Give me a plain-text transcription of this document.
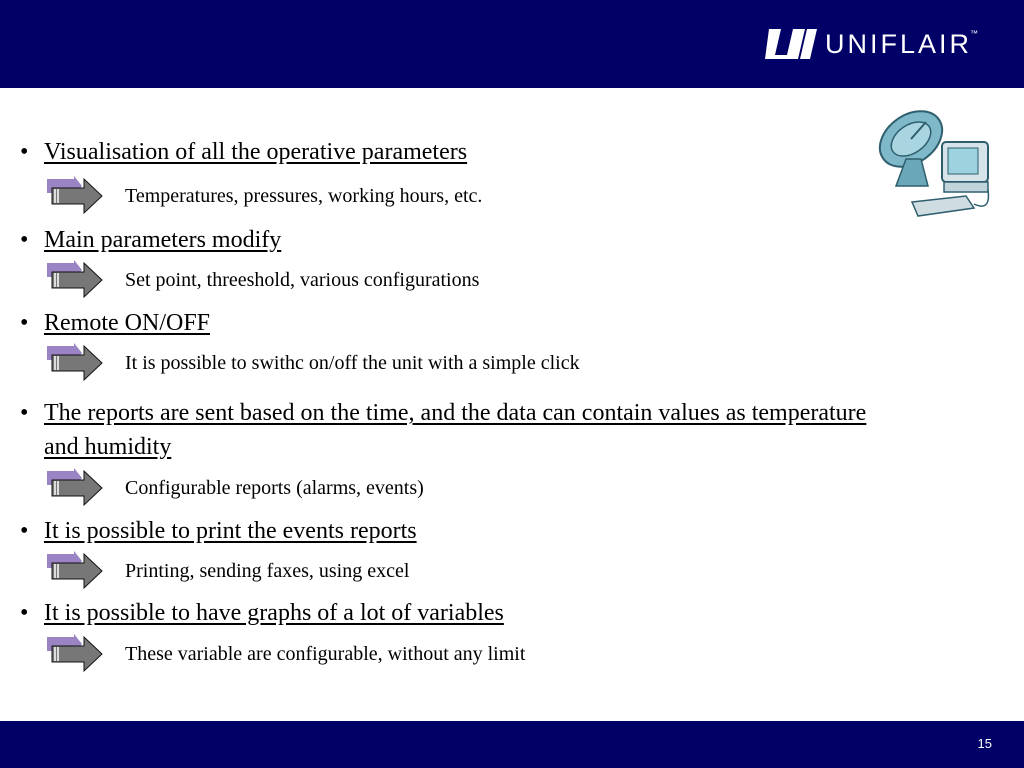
UNIFLAIR
™
• Visualisation of all the operative parameters
Temperatures, pressures, working hours, etc.
• Main parameters modify
Set point, threeshold, various configurations
• Remote ON/OFF
It is possible to swithc on/off the unit with a simple click
• The reports are sent based on the time, and the data can contain values as temperature and humidity
Configurable reports (alarms, events)
• It is possible to print the events reports
Printing, sending faxes, using excel
• It is possible to have graphs of a lot of variables
These variable are configurable, without any limit
15
